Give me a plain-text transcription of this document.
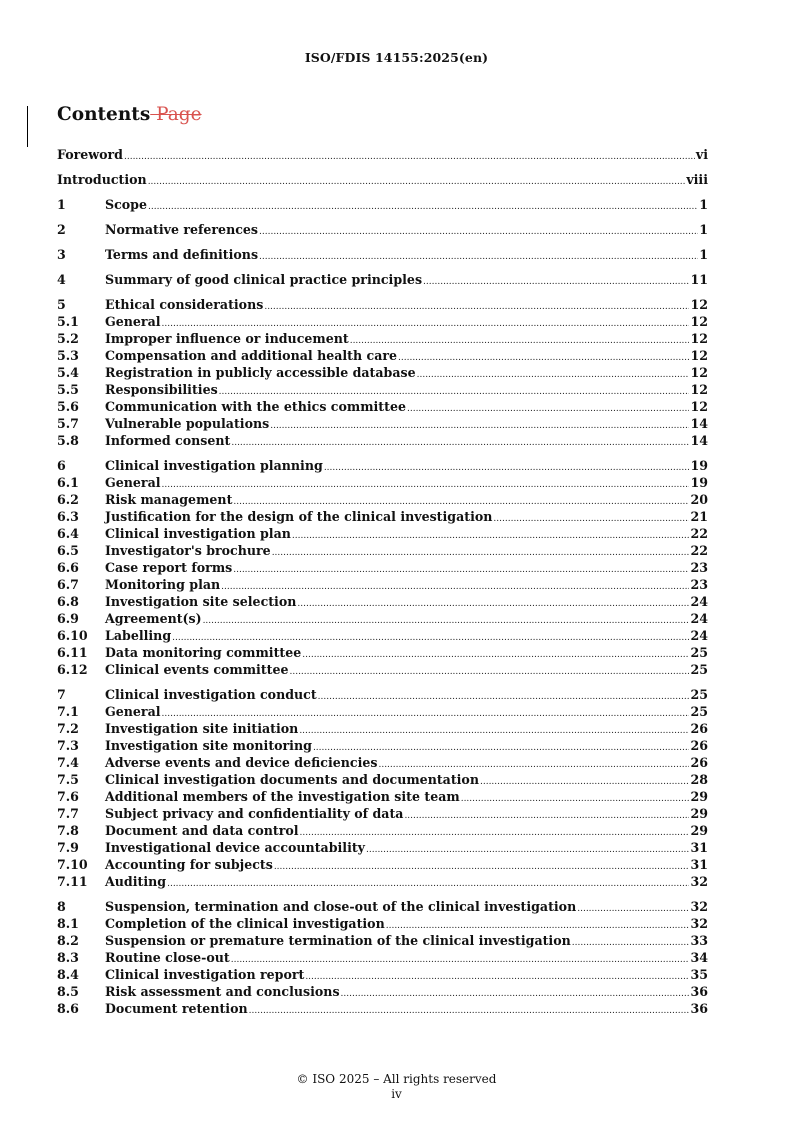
ISO/FDIS 14155:2025(en)
Contents Page
Foreword .....	vi
Introduction .....	viii
1	Scope .....	1
2	Normative references .....	1
3	Terms and definitions .....	1
4	Summary of good clinical practice principles .....	11
5	Ethical considerations .....	12
5.1	General .....	12
5.2	Improper influence or inducement .....	12
5.3	Compensation and additional health care .....	12
5.4	Registration in publicly accessible database .....	12
5.5	Responsibilities .....	12
5.6	Communication with the ethics committee .....	12
5.7	Vulnerable populations .....	14
5.8	Informed consent .....	14
6	Clinical investigation planning .....	19
6.1	General .....	19
6.2	Risk management .....	20
6.3	Justification for the design of the clinical investigation .....	21
6.4	Clinical investigation plan .....	22
6.5	Investigator's brochure .....	22
6.6	Case report forms .....	23
6.7	Monitoring plan .....	23
6.8	Investigation site selection .....	24
6.9	Agreement(s) .....	24
6.10	Labelling .....	24
6.11	Data monitoring committee .....	25
6.12	Clinical events committee .....	25
7	Clinical investigation conduct .....	25
7.1	General .....	25
7.2	Investigation site initiation .....	26
7.3	Investigation site monitoring .....	26
7.4	Adverse events and device deficiencies .....	26
7.5	Clinical investigation documents and documentation .....	28
7.6	Additional members of the investigation site team .....	29
7.7	Subject privacy and confidentiality of data .....	29
7.8	Document and data control .....	29
7.9	Investigational device accountability .....	31
7.10	Accounting for subjects .....	31
7.11	Auditing .....	32
8	Suspension, termination and close-out of the clinical investigation .....	32
8.1	Completion of the clinical investigation .....	32
8.2	Suspension or premature termination of the clinical investigation .....	33
8.3	Routine close-out .....	34
8.4	Clinical investigation report .....	35
8.5	Risk assessment and conclusions .....	36
8.6	Document retention .....	36
© ISO 2025 – All rights reserved
iv
